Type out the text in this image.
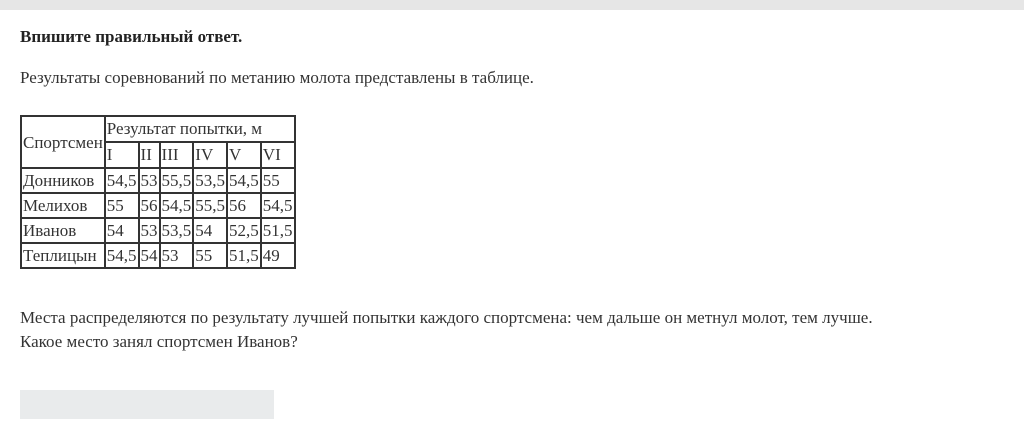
Впишите правильный ответ.

Результаты соревнований по метанию молота представлены в таблице.

Спортсмен	Результат попытки, м					
	I	II	III	IV	V	VI
Донников	54,5	53	55,5	53,5	54,5	55
Мелихов	55	56	54,5	55,5	56	54,5
Иванов	54	53	53,5	54	52,5	51,5
Теплицын	54,5	54	53	55	51,5	49

Места распределяются по результату лучшей попытки каждого спортсмена: чем дальше он метнул молот, тем лучше.

Какое место занял спортсмен Иванов?
